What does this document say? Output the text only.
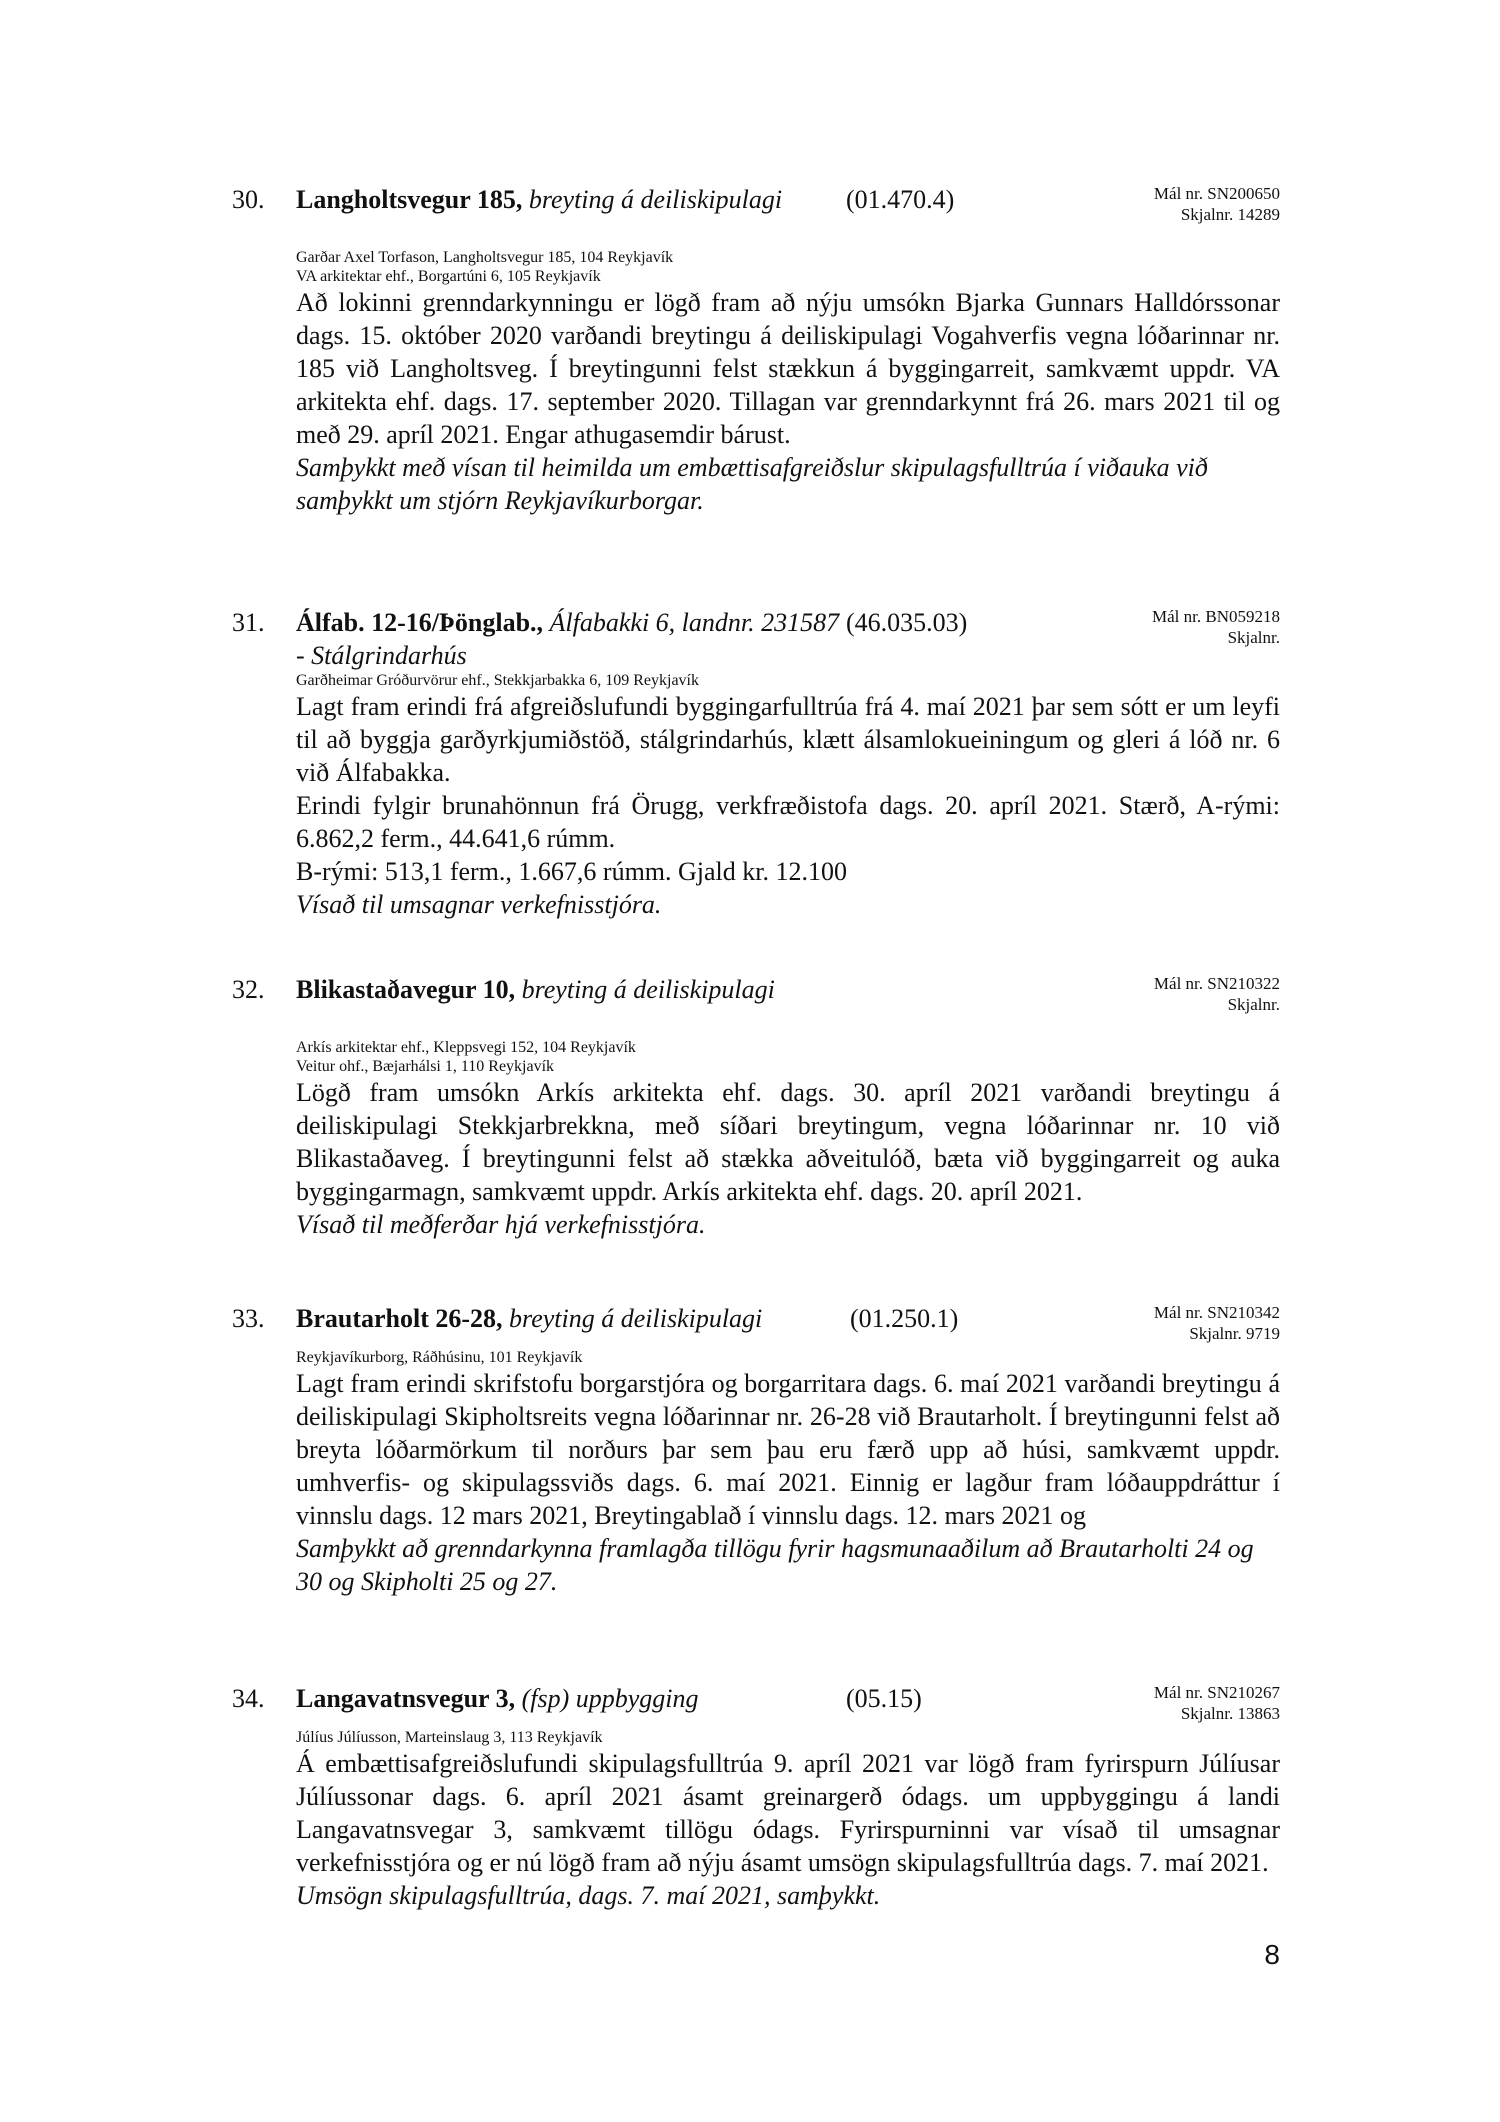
30. Langholtsvegur 185, breyting á deiliskipulagi	(01.470.4)	Mál nr. SN200650
Skjalnr. 14289
Garðar Axel Torfason, Langholtsvegur 185, 104 Reykjavík
VA arkitektar ehf., Borgartúni 6, 105 Reykjavík
Að lokinni grenndarkynningu er lögð fram að nýju umsókn Bjarka Gunnars Halldórssonar dags. 15. október 2020 varðandi breytingu á deiliskipulagi Vogahverfis vegna lóðarinnar nr. 185 við Langholtsveg. Í breytingunni felst stækkun á byggingarreit, samkvæmt uppdr. VA arkitekta ehf. dags. 17. september 2020. Tillagan var grenndarkynnt frá 26. mars 2021 til og með 29. apríl 2021. Engar athugasemdir bárust.
Samþykkt með vísan til heimilda um embættisafgreiðslur skipulagsfulltrúa í viðauka við samþykkt um stjórn Reykjavíkurborgar.
31. Álfab. 12-16/Þönglab., Álfabakki 6, landnr. 231587 - Stálgrindarhús
(46.035.03)	Mál nr. BN059218
Skjalnr.
Garðheimar Gróðurvörur ehf., Stekkjarbakka 6, 109 Reykjavík
Lagt fram erindi frá afgreiðslufundi byggingarfulltrúa frá 4. maí 2021 þar sem sótt er um leyfi til að byggja garðyrkjumiðstöð, stálgrindarhús, klætt álsamlokueiningum og gleri á lóð nr. 6 við Álfabakka.
Erindi fylgir brunahönnun frá Örugg, verkfræðistofa dags. 20. apríl 2021. Stærð, A-rými: 6.862,2 ferm., 44.641,6 rúmm.
B-rými: 513,1 ferm., 1.667,6 rúmm. Gjald kr. 12.100
Vísað til umsagnar verkefnisstjóra.
32. Blikastaðavegur 10, breyting á deiliskipulagi	Mál nr. SN210322
Skjalnr.
Arkís arkitektar ehf., Kleppsvegi 152, 104 Reykjavík
Veitur ohf., Bæjarhálsi 1, 110 Reykjavík
Lögð fram umsókn Arkís arkitekta ehf. dags. 30. apríl 2021 varðandi breytingu á deiliskipulagi Stekkjarbrekkna, með síðari breytingum, vegna lóðarinnar nr. 10 við Blikastaðaveg. Í breytingunni felst að stækka aðveitulóð, bæta við byggingarreit og auka byggingarmagn, samkvæmt uppdr. Arkís arkitekta ehf. dags. 20. apríl 2021.
Vísað til meðferðar hjá verkefnisstjóra.
33. Brautarholt 26-28, breyting á deiliskipulagi	(01.250.1)	Mál nr. SN210342
Skjalnr. 9719
Reykjavíkurborg, Ráðhúsinu, 101 Reykjavík
Lagt fram erindi skrifstofu borgarstjóra og borgarritara dags. 6. maí 2021 varðandi breytingu á deiliskipulagi Skipholtsreits vegna lóðarinnar nr. 26-28 við Brautarholt. Í breytingunni felst að breyta lóðarmörkum til norðurs þar sem þau eru færð upp að húsi, samkvæmt uppdr. umhverfis- og skipulagssviðs dags. 6. maí 2021. Einnig er lagður fram lóðauppdráttur í vinnslu dags. 12 mars 2021, Breytingablað í vinnslu dags. 12. mars 2021 og
Samþykkt að grenndarkynna framlagða tillögu fyrir hagsmunaaðilum að Brautarholti 24 og 30 og Skipholti 25 og 27.
34. Langavatnsvegur 3, (fsp) uppbygging	(05.15)	Mál nr. SN210267
Skjalnr. 13863
Júlíus Júlíusson, Marteinslaug 3, 113 Reykjavík
Á embættisafgreiðslufundi skipulagsfulltrúa 9. apríl 2021 var lögð fram fyrirspurn Júlíusar Júlíussonar dags. 6. apríl 2021 ásamt greinargerð ódags. um uppbyggingu á landi Langavatnsvegar 3, samkvæmt tillögu ódags. Fyrirspurninni var vísað til umsagnar verkefnisstjóra og er nú lögð fram að nýju ásamt umsögn skipulagsfulltrúa dags. 7. maí 2021.
Umsögn skipulagsfulltrúa, dags. 7. maí 2021, samþykkt.
8
